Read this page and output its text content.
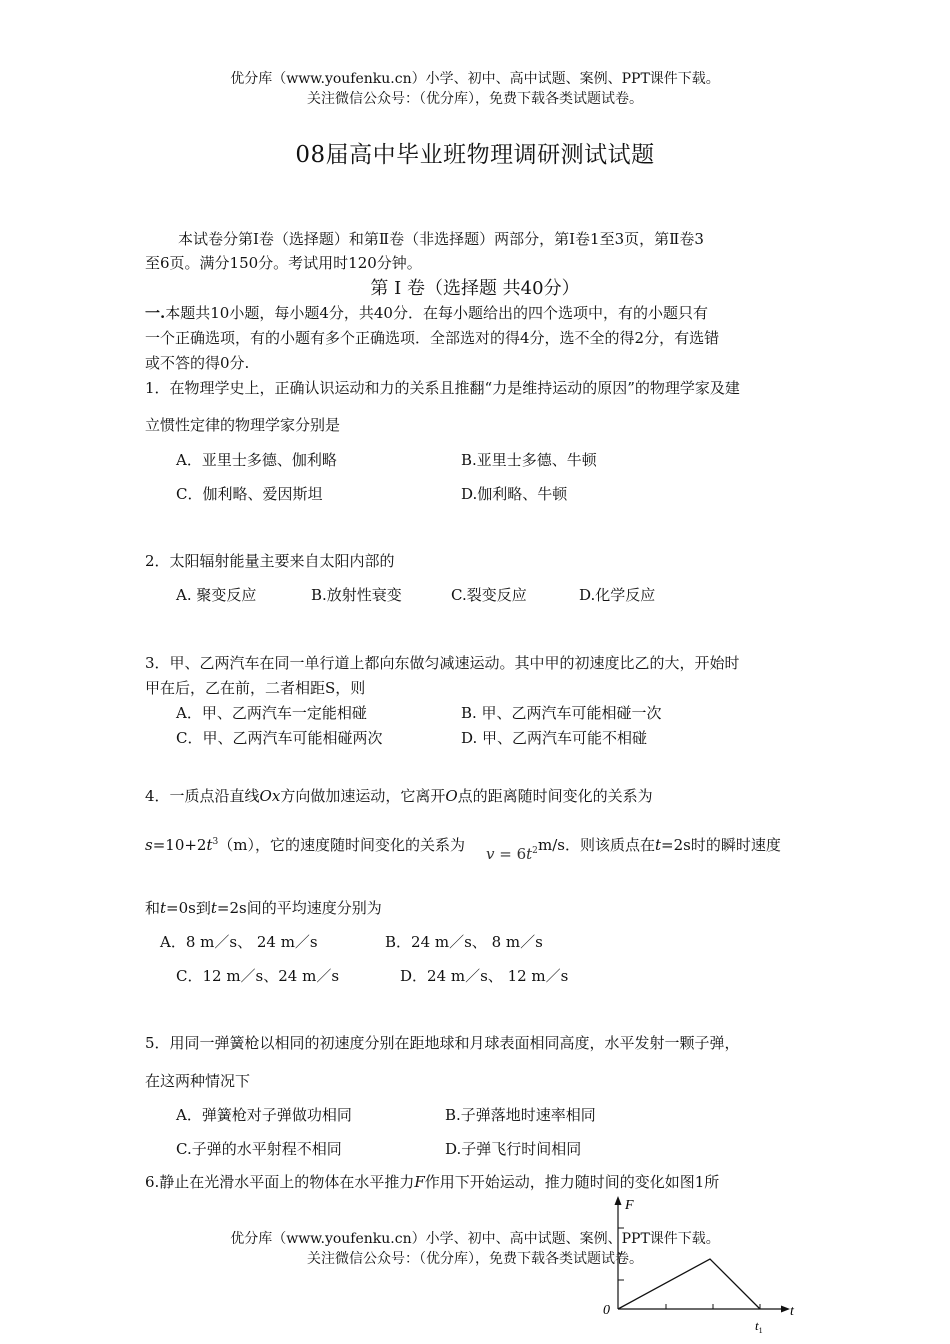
优分库（www.youfenku.cn）小学、初中、高中试题、案例、PPT课件下载。
关注微信公众号：（优分库），免费下载各类试题试卷。
08届高中毕业班物理调研测试试题
本试卷分第Ⅰ卷（选择题）和第Ⅱ卷（非选择题）两部分，第Ⅰ卷1至3页，第Ⅱ卷3
至6页。满分150分。考试用时120分钟。
第 I 卷（选择题 共40分）
一.本题共10小题，每小题4分，共40分．在每小题给出的四个选项中，有的小题只有
一个正确选项，有的小题有多个正确选项．全部选对的得4分，选不全的得2分，有选错
或不答的得0分.
1．在物理学史上，正确认识运动和力的关系且推翻“力是维持运动的原因”的物理学家及建
立惯性定律的物理学家分别是
A．亚里士多德、伽利略	B.亚里士多德、牛顿
C．伽利略、爱因斯坦	D.伽利略、牛顿
2．太阳辐射能量主要来自太阳内部的
A. 聚变反应	B.放射性衰变	C.裂变反应	D.化学反应
3．甲、乙两汽车在同一单行道上都向东做匀减速运动。其中甲的初速度比乙的大，开始时
甲在后，乙在前，二者相距S，则
A．甲、乙两汽车一定能相碰	B. 甲、乙两汽车可能相碰一次
C．甲、乙两汽车可能相碰两次	D. 甲、乙两汽车可能不相碰
4．一质点沿直线Ox方向做加速运动，它离开O点的距离随时间变化的关系为
$s=10+2t^3(m)$，它的速度随时间变化的关系为 $v = 6t^2$ m/s．则该质点在t=2s时的瞬时速度
和t=0s到t=2s间的平均速度分别为
A．8 m／s、 24 m／s	B．24 m／s、 8 m／s
C．12 m／s、24 m／s	D．24 m／s、 12 m／s
5．用同一弹簧枪以相同的初速度分别在距地球和月球表面相同高度，水平发射一颗子弹，
在这两种情况下
A．弹簧枪对子弹做功相同	B.子弹落地时速率相同
C.子弹的水平射程不相同	D.子弹飞行时间相同
6.静止在光滑水平面上的物体在水平推力F作用下开始运动，推力随时间的变化如图1所
F
t
0
$t_1$
优分库（www.youfenku.cn）小学、初中、高中试题、案例、PPT课件下载。
关注微信公众号：（优分库），免费下载各类试题试卷。
